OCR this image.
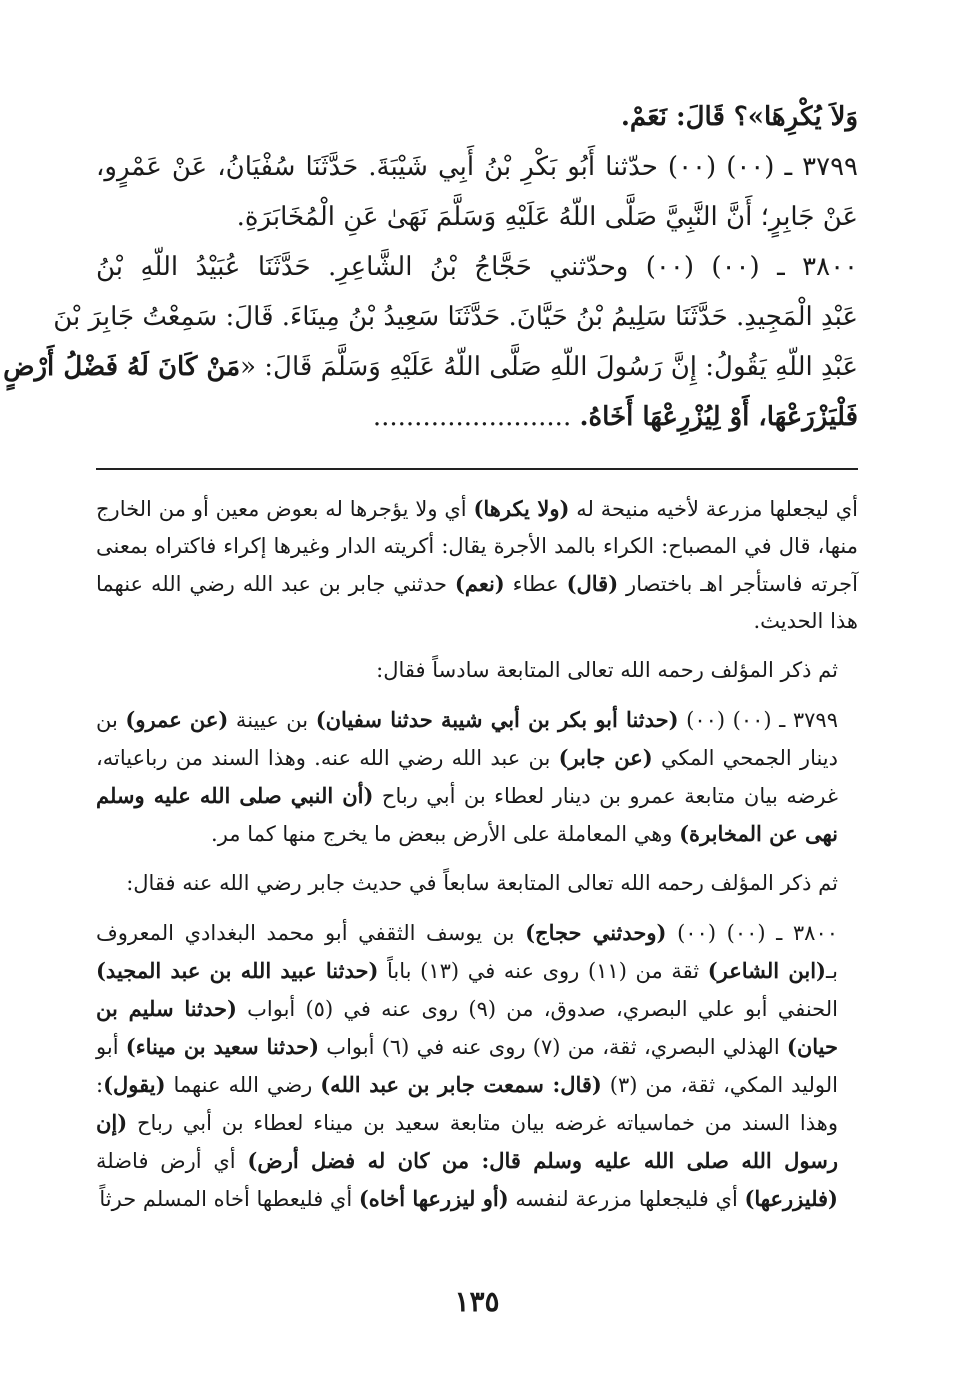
وَلاَ يُكْرِهَا»؟ قَالَ: نَعَمْ.
٣٧٩٩ ـ (٠٠) (٠٠) حدّثنا أَبُو بَكْرِ بْنُ أَبِي شَيْبَةَ. حَدَّثَنَا سُفْيَانُ، عَنْ عَمْرٍو،
عَنْ جَابِرٍ؛ أَنَّ النَّبِيَّ صَلَّى اللّهُ عَلَيْهِ وَسَلَّمَ نَهَىٰ عَنِ الْمُخَابَرَةِ.
٣٨٠٠ ـ (٠٠) (٠٠) وحدّثني حَجَّاجُ بْنُ الشَّاعِرِ. حَدَّثَنَا عُبَيْدُ اللّهِ بْنُ
عَبْدِ الْمَجِيدِ. حَدَّثَنَا سَلِيمُ بْنُ حَيَّانَ. حَدَّثَنَا سَعِيدُ بْنُ مِينَاءَ. قَالَ: سَمِعْتُ جَابِرَ بْنَ
عَبْدِ اللّهِ يَقُولُ: إِنَّ رَسُولَ اللّهِ صَلَّى اللّهُ عَلَيْهِ وَسَلَّمَ قَالَ: «مَنْ كَانَ لَهُ فَضْلُ أَرْضٍ
فَلْيَزْرَعْهَا، أَوْ لِيُزْرِعْهَا أَخَاهُ. ........................

أي ليجعلها مزرعة لأخيه منيحة له (ولا يكرها) أي ولا يؤجرها له بعوض معين أو من الخارج منها، قال في المصباح: الكراء بالمد الأجرة يقال: أكريته الدار وغيرها إكراء فاكتراه بمعنى آجرته فاستأجر اهـ باختصار (قال) عطاء (نعم) حدثني جابر بن عبد الله رضي الله عنهما هذا الحديث.

ثم ذكر المؤلف رحمه الله تعالى المتابعة سادساً فقال:

٣٧٩٩ ـ (٠٠) (٠٠) (حدثنا أبو بكر بن أبي شيبة حدثنا سفيان) بن عيينة (عن عمرو) بن دينار الجمحي المكي (عن جابر) بن عبد الله رضي الله عنه. وهذا السند من رباعياته، غرضه بيان متابعة عمرو بن دينار لعطاء بن أبي رباح (أن النبي صلى الله عليه وسلم نهى عن المخابرة) وهي المعاملة على الأرض ببعض ما يخرج منها كما مر.

ثم ذكر المؤلف رحمه الله تعالى المتابعة سابعاً في حديث جابر رضي الله عنه فقال:

٣٨٠٠ ـ (٠٠) (٠٠) (وحدثني حجاج) بن يوسف الثقفي أبو محمد البغدادي المعروف بـ(ابن الشاعر) ثقة من (١١) روى عنه في (١٣) باباً (حدثنا عبيد الله بن عبد المجيد) الحنفي أبو علي البصري، صدوق، من (٩) روى عنه في (٥) أبواب (حدثنا سليم بن حيان) الهذلي البصري، ثقة، من (٧) روى عنه في (٦) أبواب (حدثنا سعيد بن ميناء) أبو الوليد المكي، ثقة، من (٣) (قال: سمعت جابر بن عبد الله) رضي الله عنهما (يقول): وهذا السند من خماسياته غرضه بيان متابعة سعيد بن ميناء لعطاء بن أبي رباح (إن رسول الله صلى الله عليه وسلم قال: من كان له فضل أرض) أي أرض فاضلة (فليزرعها) أي فليجعلها مزرعة لنفسه (أو ليزرعها أخاه) أي فليعطها أخاه المسلم حرثاً

١٣٥
